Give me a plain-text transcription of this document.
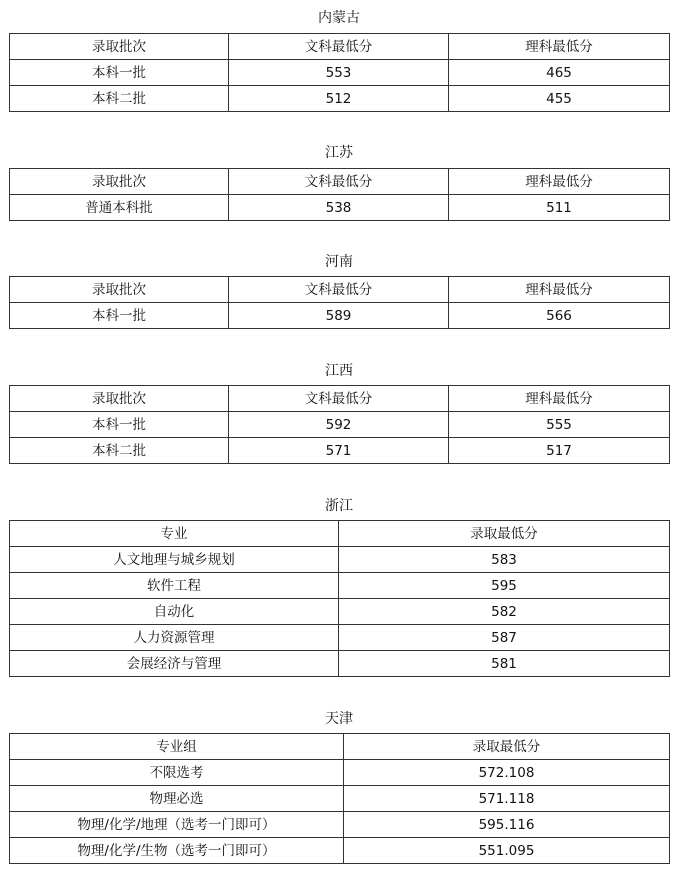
内蒙古
录取批次	文科最低分	理科最低分
本科一批	553	465
本科二批	512	455
江苏
录取批次	文科最低分	理科最低分
普通本科批	538	511
河南
录取批次	文科最低分	理科最低分
本科一批	589	566
江西
录取批次	文科最低分	理科最低分
本科一批	592	555
本科二批	571	517
浙江
专业	录取最低分
人文地理与城乡规划	583
软件工程	595
自动化	582
人力资源管理	587
会展经济与管理	581
天津
专业组	录取最低分
不限选考	572.108
物理必选	571.118
物理/化学/地理（选考一门即可）	595.116
物理/化学/生物（选考一门即可）	551.095
